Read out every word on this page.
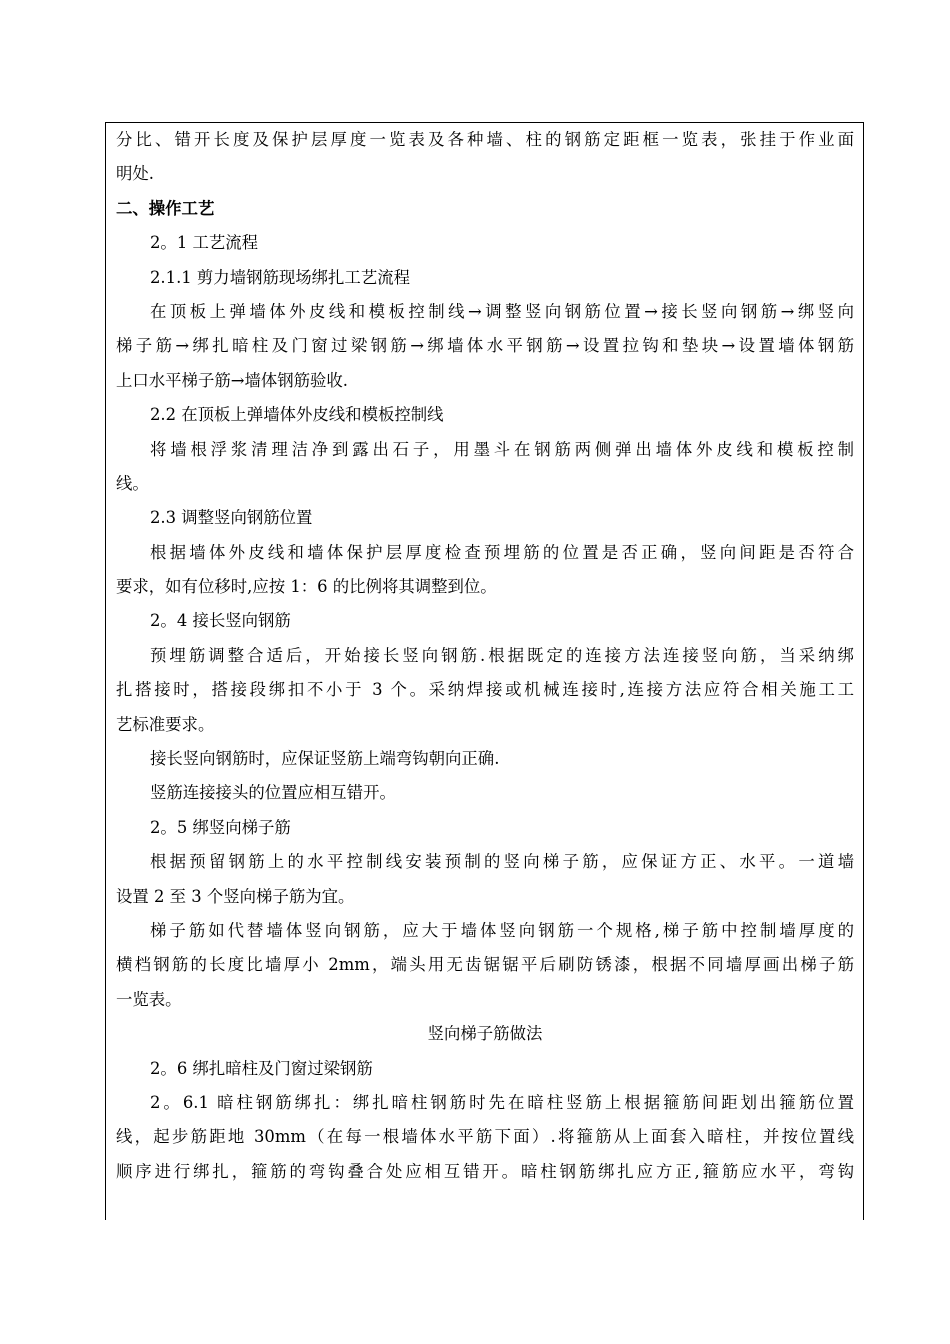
分比、错开长度及保护层厚度一览表及各种墙、柱的钢筋定距框一览表，张挂于作业面
明处.
二、操作工艺
2。1 工艺流程
2.1.1 剪力墙钢筋现场绑扎工艺流程
在顶板上弹墙体外皮线和模板控制线→调整竖向钢筋位置→接长竖向钢筋→绑竖向
梯子筋→绑扎暗柱及门窗过梁钢筋→绑墙体水平钢筋→设置拉钩和垫块→设置墙体钢筋
上口水平梯子筋→墙体钢筋验收.
2.2 在顶板上弹墙体外皮线和模板控制线
将墙根浮浆清理洁净到露出石子，用墨斗在钢筋两侧弹出墙体外皮线和模板控制
线。
2.3 调整竖向钢筋位置
根据墙体外皮线和墙体保护层厚度检查预埋筋的位置是否正确，竖向间距是否符合
要求，如有位移时,应按 1：6 的比例将其调整到位。
2。4 接长竖向钢筋
预埋筋调整合适后，开始接长竖向钢筋.根据既定的连接方法连接竖向筋，当采纳绑
扎搭接时，搭接段绑扣不小于 3 个。采纳焊接或机械连接时,连接方法应符合相关施工工
艺标准要求。
接长竖向钢筋时，应保证竖筋上端弯钩朝向正确.
竖筋连接接头的位置应相互错开。
2。5 绑竖向梯子筋
根据预留钢筋上的水平控制线安装预制的竖向梯子筋，应保证方正、水平。一道墙
设置 2 至 3 个竖向梯子筋为宜。
梯子筋如代替墙体竖向钢筋，应大于墙体竖向钢筋一个规格,梯子筋中控制墙厚度的
横档钢筋的长度比墙厚小 2mm，端头用无齿锯锯平后刷防锈漆，根据不同墙厚画出梯子筋
一览表。
竖向梯子筋做法
2。6 绑扎暗柱及门窗过梁钢筋
2。6.1 暗柱钢筋绑扎：绑扎暗柱钢筋时先在暗柱竖筋上根据箍筋间距划出箍筋位置
线，起步筋距地 30mm（在每一根墙体水平筋下面）.将箍筋从上面套入暗柱，并按位置线
顺序进行绑扎，箍筋的弯钩叠合处应相互错开。暗柱钢筋绑扎应方正,箍筋应水平，弯钩
